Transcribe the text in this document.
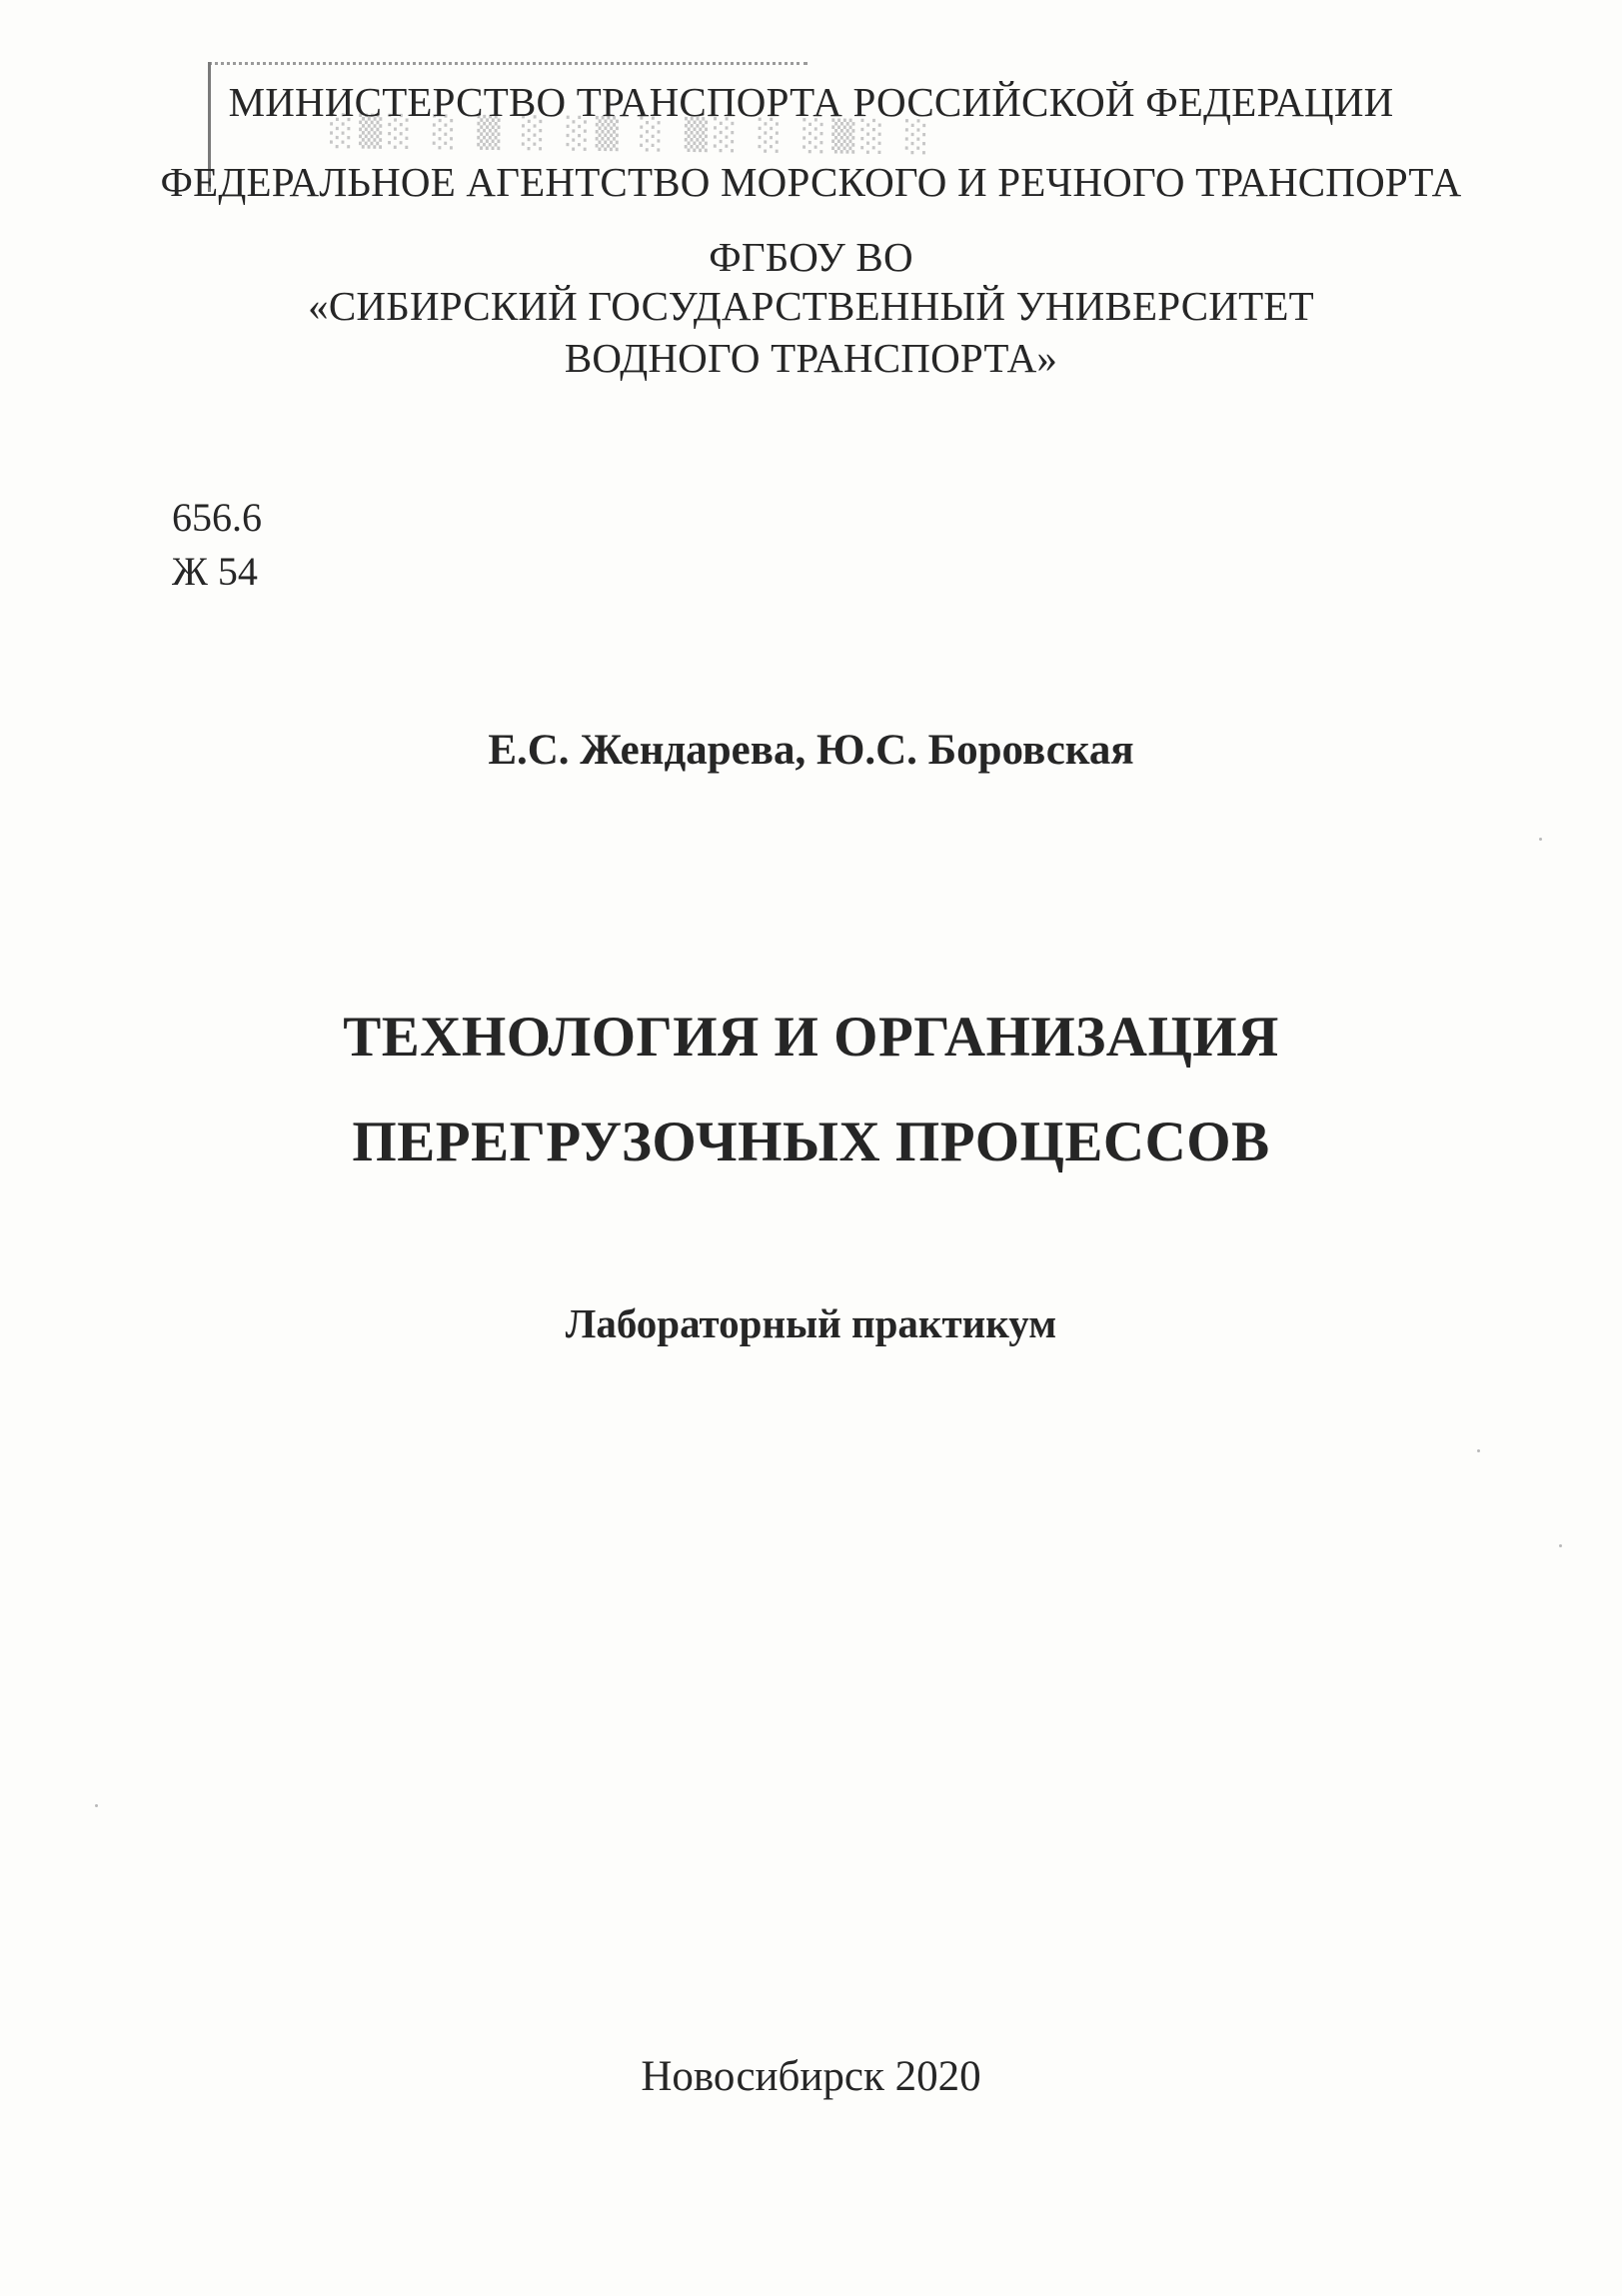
░▒░ ░ ▒ ░ ░▒ ░ ▒░ ░ ░▒░ ░

МИНИСТЕРСТВО ТРАНСПОРТА РОССИЙСКОЙ ФЕДЕРАЦИИ

ФЕДЕРАЛЬНОЕ АГЕНТСТВО МОРСКОГО И РЕЧНОГО ТРАНСПОРТА

ФГБОУ ВО

«СИБИРСКИЙ ГОСУДАРСТВЕННЫЙ УНИВЕРСИТЕТ

ВОДНОГО ТРАНСПОРТА»

656.6

Ж 54

Е.С. Жендарева, Ю.С. Боровская

ТЕХНОЛОГИЯ И ОРГАНИЗАЦИЯ

ПЕРЕГРУЗОЧНЫХ ПРОЦЕССОВ

Лабораторный практикум

Новосибирск 2020
